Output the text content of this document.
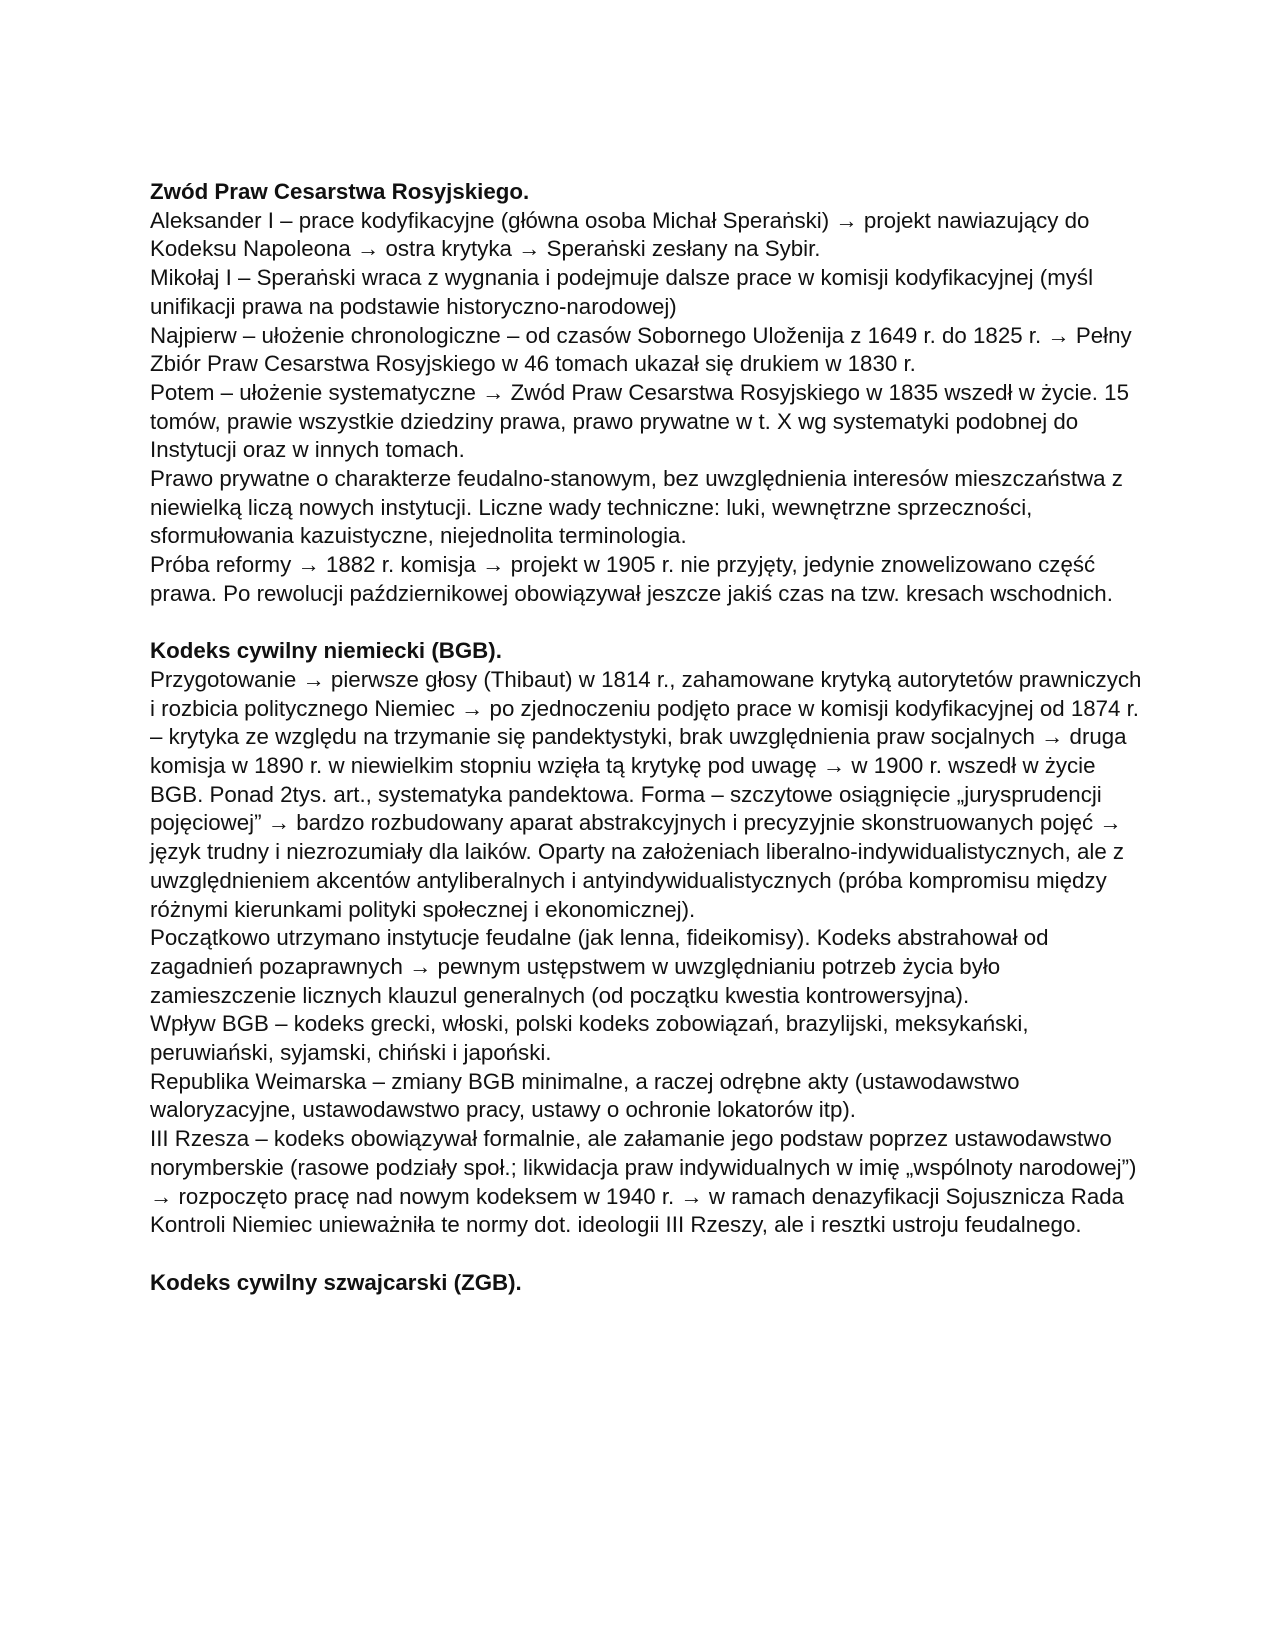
Zwód Praw Cesarstwa Rosyjskiego.

Aleksander I – prace kodyfikacyjne (główna osoba Michał Speraṅski) → projekt nawiazujący do Kodeksu Napoleona → ostra krytyka → Speraṅski zesłany na Sybir.

Mikołaj I – Speraṅski wraca z wygnania i podejmuje dalsze prace w komisji kodyfikacyjnej (myśl unifikacji prawa na podstawie historyczno-narodowej)

Najpierw – ułożenie chronologiczne – od czasów Sobornego Uloženija z 1649 r. do 1825 r. → Pełny Zbiór Praw Cesarstwa Rosyjskiego w 46 tomach ukazał się drukiem w 1830 r.

Potem – ułożenie systematyczne → Zwód Praw Cesarstwa Rosyjskiego w 1835 wszedł w życie. 15 tomów, prawie wszystkie dziedziny prawa, prawo prywatne w t. X wg systematyki podobnej do Instytucji oraz w innych tomach.

Prawo prywatne o charakterze feudalno-stanowym, bez uwzględnienia interesów mieszczaństwa z niewielką liczą nowych instytucji. Liczne wady techniczne: luki, wewnętrzne sprzeczności, sformułowania kazuistyczne, niejednolita terminologia.

Próba reformy → 1882 r. komisja → projekt w 1905 r. nie przyjęty, jedynie znowelizowano część prawa. Po rewolucji październikowej obowiązywał jeszcze jakiś czas na tzw. kresach wschodnich.

Kodeks cywilny niemiecki (BGB).

Przygotowanie → pierwsze głosy (Thibaut) w 1814 r., zahamowane krytyką autorytetów prawniczych i rozbicia politycznego Niemiec → po zjednoczeniu podjęto prace w komisji kodyfikacyjnej od 1874 r. – krytyka ze względu na trzymanie się pandektystyki, brak uwzględnienia praw socjalnych → druga komisja w 1890 r. w niewielkim stopniu wzięła tą krytykę pod uwagę → w 1900 r. wszedł w życie BGB. Ponad 2tys. art., systematyka pandektowa. Forma – szczytowe osiągnięcie „jurysprudencji pojęciowej” → bardzo rozbudowany aparat abstrakcyjnych i precyzyjnie skonstruowanych pojęć → język trudny i niezrozumiały dla laików. Oparty na założeniach liberalno-indywidualistycznych, ale z uwzględnieniem akcentów antyliberalnych i antyindywidualistycznych (próba kompromisu między różnymi kierunkami polityki społecznej i ekonomicznej).

Początkowo utrzymano instytucje feudalne (jak lenna, fideikomisy). Kodeks abstrahował od zagadnień pozaprawnych → pewnym ustępstwem w uwzględnianiu potrzeb życia było zamieszczenie licznych klauzul generalnych (od początku kwestia kontrowersyjna).

Wpływ BGB – kodeks grecki, włoski, polski kodeks zobowiązań, brazylijski, meksykański, peruwiański, syjamski, chiński i japoński.

Republika Weimarska – zmiany BGB minimalne, a raczej odrębne akty (ustawodawstwo waloryzacyjne, ustawodawstwo pracy, ustawy o ochronie lokatorów itp).

III Rzesza – kodeks obowiązywał formalnie, ale załamanie jego podstaw poprzez ustawodawstwo norymberskie (rasowe podziały społ.; likwidacja praw indywidualnych w imię „wspólnoty narodowej”) → rozpoczęto pracę nad nowym kodeksem w 1940 r. → w ramach denazyfikacji Sojusznicza Rada Kontroli Niemiec unieważniła te normy dot. ideologii III Rzeszy, ale i resztki ustroju feudalnego.

Kodeks cywilny szwajcarski (ZGB).
